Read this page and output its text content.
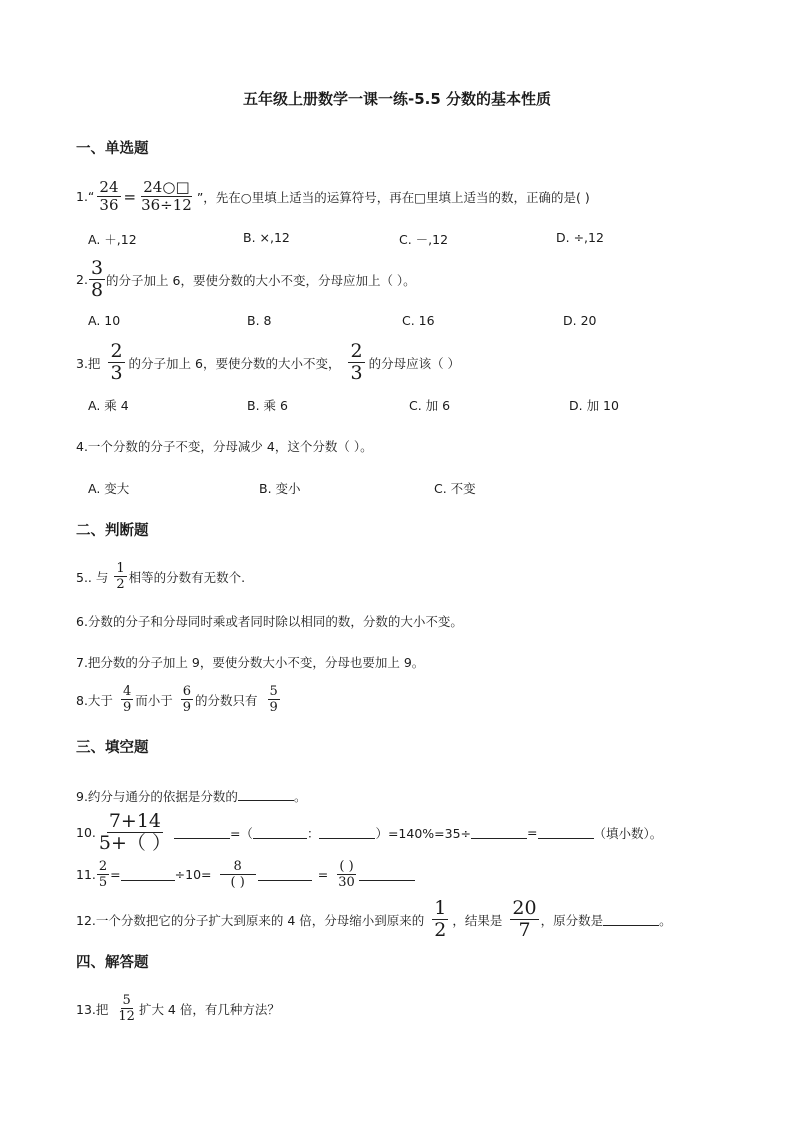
五年级上册数学一课一练-5.5 分数的基本性质
一、单选题
1.“ $\frac{24}{36} = \frac{24○□}{36\div 12}$ ”，先在○里填上适当的运算符号，再在□里填上适当的数，正确的是( )
A. ＋,12	B. ×,12	C. －,12	D. ÷,12
2. $\frac{3}{8}$ 的分子加上 6，要使分数的大小不变，分母应加上（ ）。
A. 10	B. 8	C. 16	D. 20
3.把 $\frac{2}{3}$ 的分子加上 6，要使分数的大小不变， $\frac{2}{3}$ 的分母应该（ ）
A. 乘 4	B. 乘 6	C. 加 6	D. 加 10
4.一个分数的分子不变，分母减少 4，这个分数（ ）。
A. 变大	B. 变小	C. 不变
二、判断题
5.. 与 $\frac{1}{2}$ 相等的分数有无数个.
6.分数的分子和分母同时乘或者同时除以相同的数，分数的大小不变。
7.把分数的分子加上 9，要使分数大小不变，分母也要加上 9。
8.大于 $\frac{4}{9}$ 而小于 $\frac{6}{9}$ 的分数只有 $\frac{5}{9}$
三、填空题
9.约分与通分的依据是分数的	。
10. $\frac{7+14}{5+( )}$	=（	：	）=140%=35÷	=	（填小数）。
11. $\frac{2}{5}$ =	$\div 10= \frac{8}{( )}$	= $\frac{( )}{30}$
12.一个分数把它的分子扩大到原来的 4 倍，分母缩小到原来的 $\frac{1}{2}$ ，结果是 $\frac{20}{7}$ ，原分数是	。
四、解答题
13.把 $\frac{5}{12}$ 扩大 4 倍，有几种方法？
